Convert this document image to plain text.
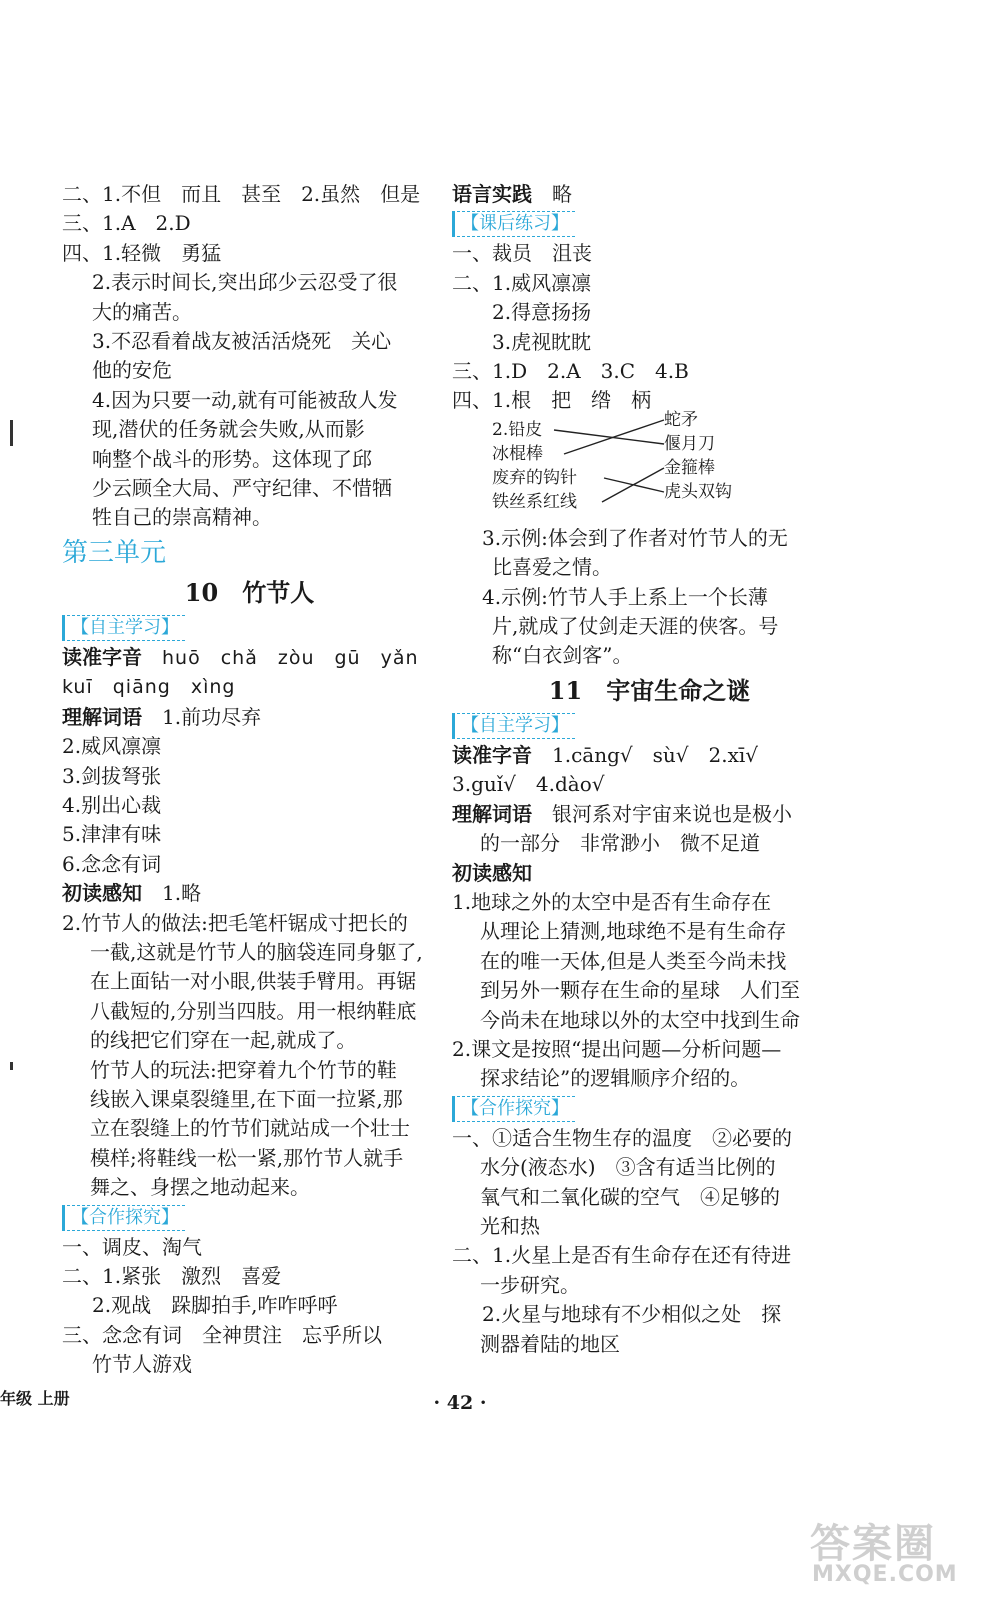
二、1.不但　而且　甚至　2.虽然　但是
三、1.A　2.D
四、1.轻微　勇猛
2.表示时间长,突出邱少云忍受了很
大的痛苦。
3.不忍看着战友被活活烧死　关心
他的安危
4.因为只要一动,就有可能被敌人发
现,潜伏的任务就会失败,从而影
响整个战斗的形势。这体现了邱
少云顾全大局、严守纪律、不惜牺
牲自己的崇高精神。
第三单元
10　竹节人
【自主学习】
读准字音　 huō　chǎ　zòu　gū　yǎn
kuī　qiāng　xìng
理解词语　 1.前功尽弃
2.威风凛凛
3.剑拔弩张
4.别出心裁
5.津津有味
6.念念有词
初读感知　 1.略
2.竹节人的做法:把毛笔杆锯成寸把长的
一截,这就是竹节人的脑袋连同身躯了,
在上面钻一对小眼,供装手臂用。再锯
八截短的,分别当四肢。用一根纳鞋底
的线把它们穿在一起,就成了。
竹节人的玩法:把穿着九个竹节的鞋
线嵌入课桌裂缝里,在下面一拉紧,那
立在裂缝上的竹节们就站成一个壮士
模样;将鞋线一松一紧,那竹节人就手
舞之、身摆之地动起来。
【合作探究】
一、调皮、淘气
二、1.紧张　激烈　喜爱
2.观战　跺脚拍手,咋咋呼呼
三、念念有词　全神贯注　忘乎所以
竹节人游戏
语言实践　 略
【课后练习】
一、裁员　沮丧
二、1.威风凛凛
2.得意扬扬
3.虎视眈眈
三、1.D　2.A　3.C　4.B
四、1.根　把　绺　柄
2.铅皮
冰棍棒
废弃的钩针
铁丝系红线
蛇矛
偃月刀
金箍棒
虎头双钩
3.示例:体会到了作者对竹节人的无
比喜爱之情。
4.示例:竹节人手上系上一个长薄
片,就成了仗剑走天涯的侠客。号
称“白衣剑客”。
11　宇宙生命之谜
【自主学习】
读准字音　 1.cāng√　sù√　2.xī√
3.guǐ√　4.dào√
理解词语　 银河系对宇宙来说也是极小
的一部分　非常渺小　微不足道
初读感知
1.地球之外的太空中是否有生命存在
从理论上猜测,地球绝不是有生命存
在的唯一天体,但是人类至今尚未找
到另外一颗存在生命的星球　人们至
今尚未在地球以外的太空中找到生命
2.课文是按照“提出问题—分析问题—
探求结论”的逻辑顺序介绍的。
【合作探究】
一、①适合生物生存的温度　②必要的
水分(液态水)　③含有适当比例的
氧气和二氧化碳的空气　④足够的
光和热
二、1.火星上是否有生命存在还有待进
一步研究。
2.火星与地球有不少相似之处　探
测器着陆的地区
年级 上册	· 42 ·
答案圈
MXQE.COM
